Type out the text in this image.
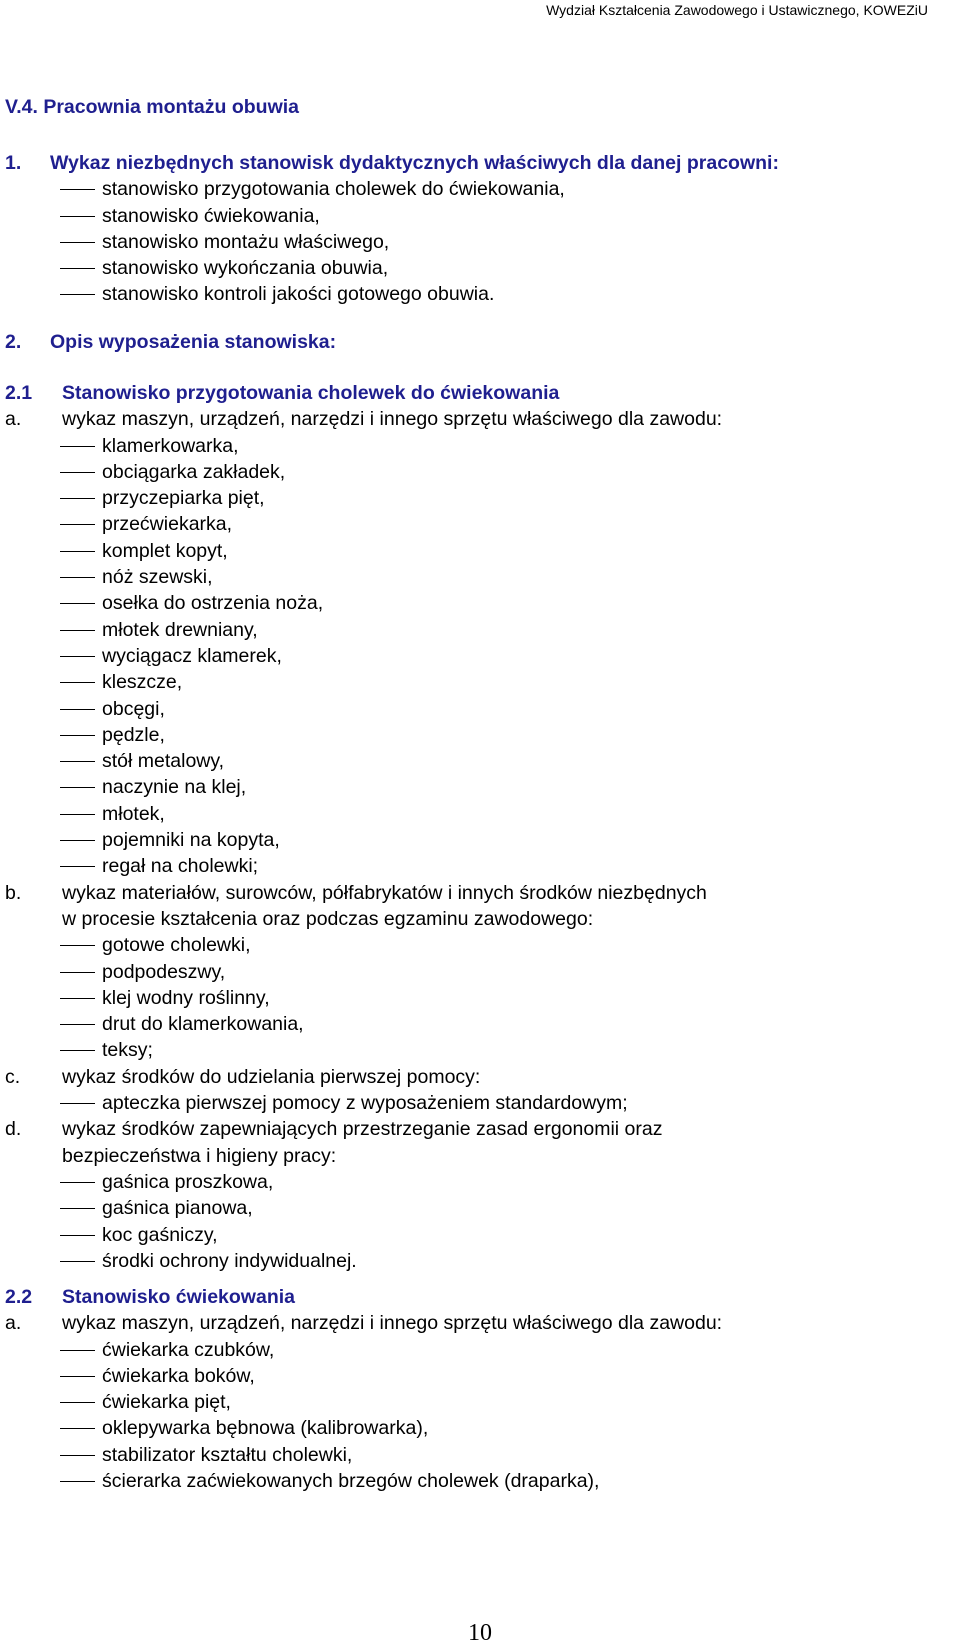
Wydział Kształcenia Zawodowego i Ustawicznego, KOWEZiU
V.4. Pracownia montażu obuwia
1. Wykaz niezbędnych stanowisk dydaktycznych właściwych dla danej pracowni:
stanowisko przygotowania cholewek do ćwiekowania,
stanowisko ćwiekowania,
stanowisko montażu właściwego,
stanowisko wykończania obuwia,
stanowisko kontroli jakości gotowego obuwia.
2. Opis wyposażenia stanowiska:
2.1 Stanowisko przygotowania cholewek do ćwiekowania
a. wykaz maszyn, urządzeń, narzędzi i innego sprzętu właściwego dla zawodu:
klamerkowarka,
obciągarka zakładek,
przyczepiarka pięt,
przećwiekarka,
komplet kopyt,
nóż szewski,
osełka do ostrzenia noża,
młotek drewniany,
wyciągacz klamerek,
kleszcze,
obcęgi,
pędzle,
stół metalowy,
naczynie na klej,
młotek,
pojemniki na kopyta,
regał na cholewki;
b. wykaz materiałów, surowców, półfabrykatów i innych środków niezbędnych
w procesie kształcenia oraz podczas egzaminu zawodowego:
gotowe cholewki,
podpodeszwy,
klej wodny roślinny,
drut do klamerkowania,
teksy;
c. wykaz środków do udzielania pierwszej pomocy:
apteczka pierwszej pomocy z wyposażeniem standardowym;
d. wykaz środków zapewniających przestrzeganie zasad ergonomii oraz
bezpieczeństwa i higieny pracy:
gaśnica proszkowa,
gaśnica pianowa,
koc gaśniczy,
środki ochrony indywidualnej.
2.2 Stanowisko ćwiekowania
a. wykaz maszyn, urządzeń, narzędzi i innego sprzętu właściwego dla zawodu:
ćwiekarka czubków,
ćwiekarka boków,
ćwiekarka pięt,
oklepywarka bębnowa (kalibrowarka),
stabilizator kształtu cholewki,
ścierarka zaćwiekowanych brzegów cholewek (draparka),
10
